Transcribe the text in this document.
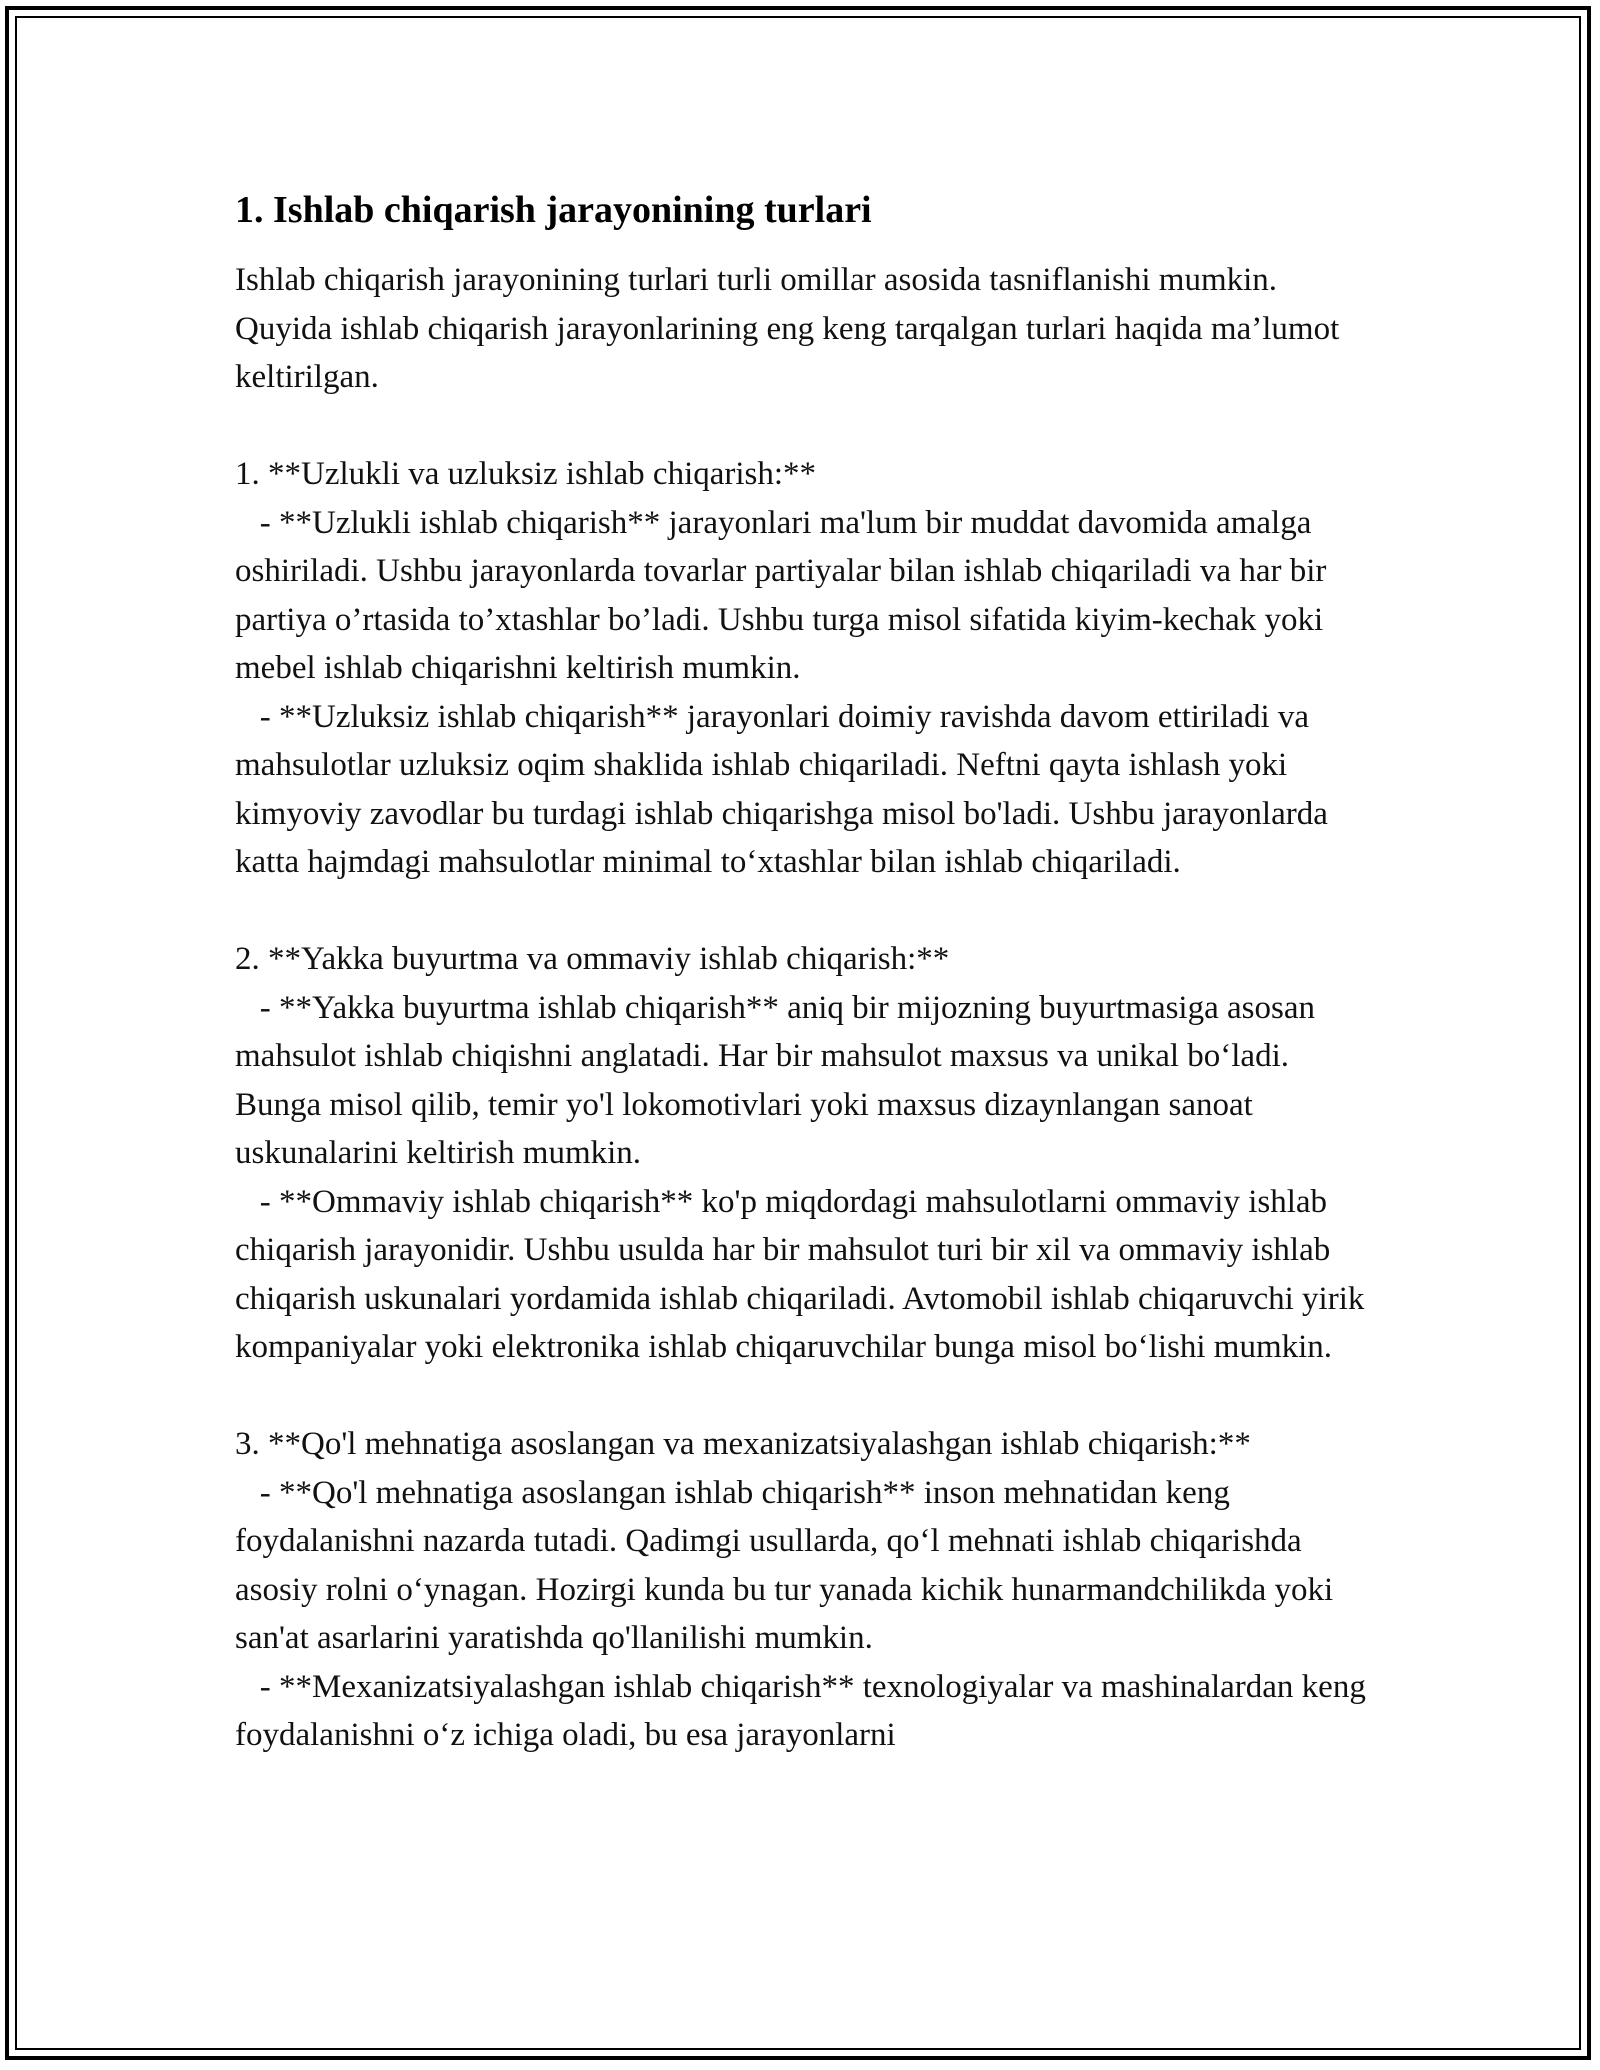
1. Ishlab chiqarish jarayonining turlari

Ishlab chiqarish jarayonining turlari turli omillar asosida tasniflanishi mumkin. Quyida ishlab chiqarish jarayonlarining eng keng tarqalgan turlari haqida ma’lumot keltirilgan.

1. **Uzlukli va uzluksiz ishlab chiqarish:**

- **Uzlukli ishlab chiqarish** jarayonlari ma'lum bir muddat davomida amalga oshiriladi. Ushbu jarayonlarda tovarlar partiyalar bilan ishlab chiqariladi va har bir partiya o’rtasida to’xtashlar bo’ladi. Ushbu turga misol sifatida kiyim-kechak yoki mebel ishlab chiqarishni keltirish mumkin.

- **Uzluksiz ishlab chiqarish** jarayonlari doimiy ravishda davom ettiriladi va mahsulotlar uzluksiz oqim shaklida ishlab chiqariladi. Neftni qayta ishlash yoki kimyoviy zavodlar bu turdagi ishlab chiqarishga misol bo'ladi. Ushbu jarayonlarda katta hajmdagi mahsulotlar minimal to‘xtashlar bilan ishlab chiqariladi.

2. **Yakka buyurtma va ommaviy ishlab chiqarish:**

- **Yakka buyurtma ishlab chiqarish** aniq bir mijozning buyurtmasiga asosan mahsulot ishlab chiqishni anglatadi. Har bir mahsulot maxsus va unikal bo‘ladi. Bunga misol qilib, temir yo'l lokomotivlari yoki maxsus dizaynlangan sanoat uskunalarini keltirish mumkin.

- **Ommaviy ishlab chiqarish** ko'p miqdordagi mahsulotlarni ommaviy ishlab chiqarish jarayonidir. Ushbu usulda har bir mahsulot turi bir xil va ommaviy ishlab chiqarish uskunalari yordamida ishlab chiqariladi. Avtomobil ishlab chiqaruvchi yirik kompaniyalar yoki elektronika ishlab chiqaruvchilar bunga misol bo‘lishi mumkin.

3. **Qo'l mehnatiga asoslangan va mexanizatsiyalashgan ishlab chiqarish:**

- **Qo'l mehnatiga asoslangan ishlab chiqarish** inson mehnatidan keng foydalanishni nazarda tutadi. Qadimgi usullarda, qo‘l mehnati ishlab chiqarishda asosiy rolni o‘ynagan. Hozirgi kunda bu tur yanada kichik hunarmandchilikda yoki san'at asarlarini yaratishda qo'llanilishi mumkin.

- **Mexanizatsiyalashgan ishlab chiqarish** texnologiyalar va mashinalardan keng foydalanishni o‘z ichiga oladi, bu esa jarayonlarni
